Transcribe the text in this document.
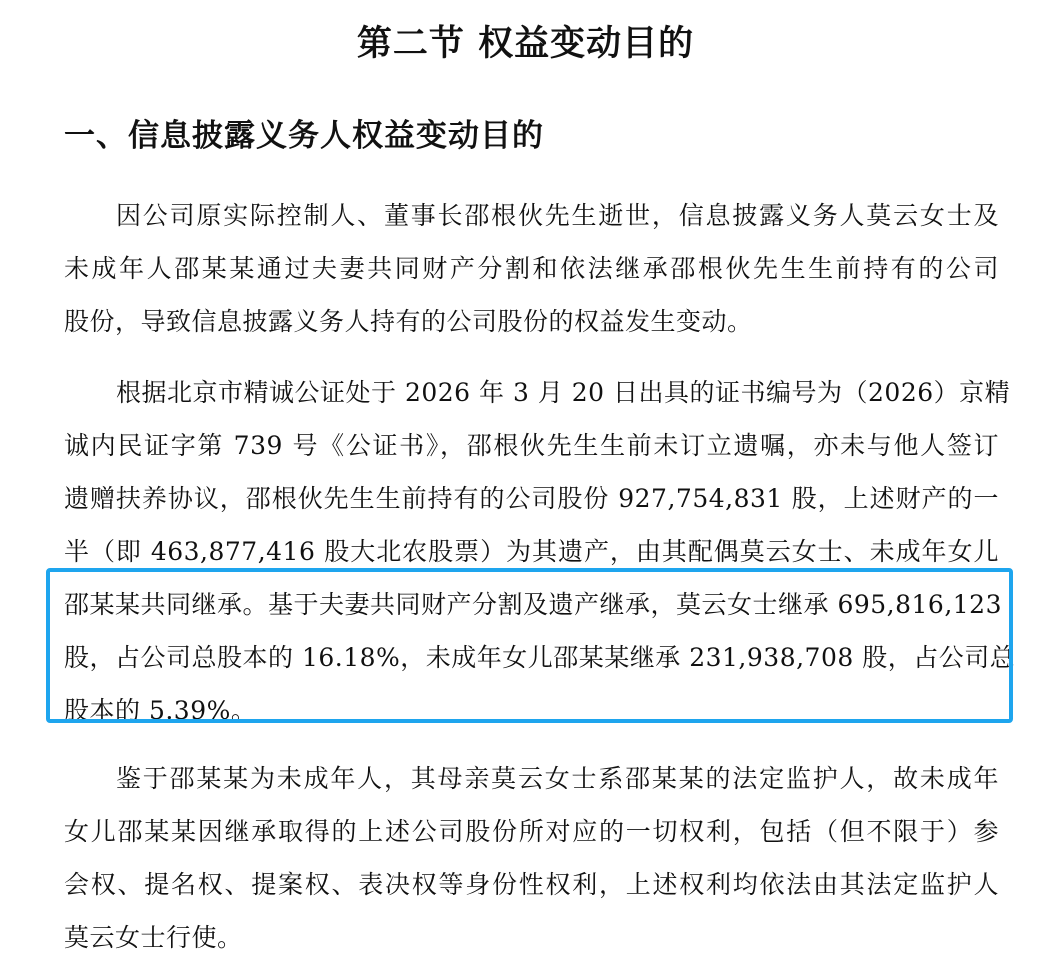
第二节 权益变动目的
一、信息披露义务人权益变动目的
因公司原实际控制人、董事长邵根伙先生逝世，信息披露义务人莫云女士及
未成年人邵某某通过夫妻共同财产分割和依法继承邵根伙先生生前持有的公司
股份，导致信息披露义务人持有的公司股份的权益发生变动。
根据北京市精诚公证处于 2026 年 3 月 20 日出具的证书编号为（2026）京精
诚内民证字第 739 号《公证书》，邵根伙先生生前未订立遗嘱，亦未与他人签订
遗赠扶养协议，邵根伙先生生前持有的公司股份 927,754,831 股，上述财产的一
半（即 463,877,416 股大北农股票）为其遗产，由其配偶莫云女士、未成年女儿
邵某某共同继承。基于夫妻共同财产分割及遗产继承，莫云女士继承 695,816,123
股，占公司总股本的 16.18%，未成年女儿邵某某继承 231,938,708 股，占公司总
股本的 5.39%。
鉴于邵某某为未成年人，其母亲莫云女士系邵某某的法定监护人，故未成年
女儿邵某某因继承取得的上述公司股份所对应的一切权利，包括（但不限于）参
会权、提名权、提案权、表决权等身份性权利，上述权利均依法由其法定监护人
莫云女士行使。
